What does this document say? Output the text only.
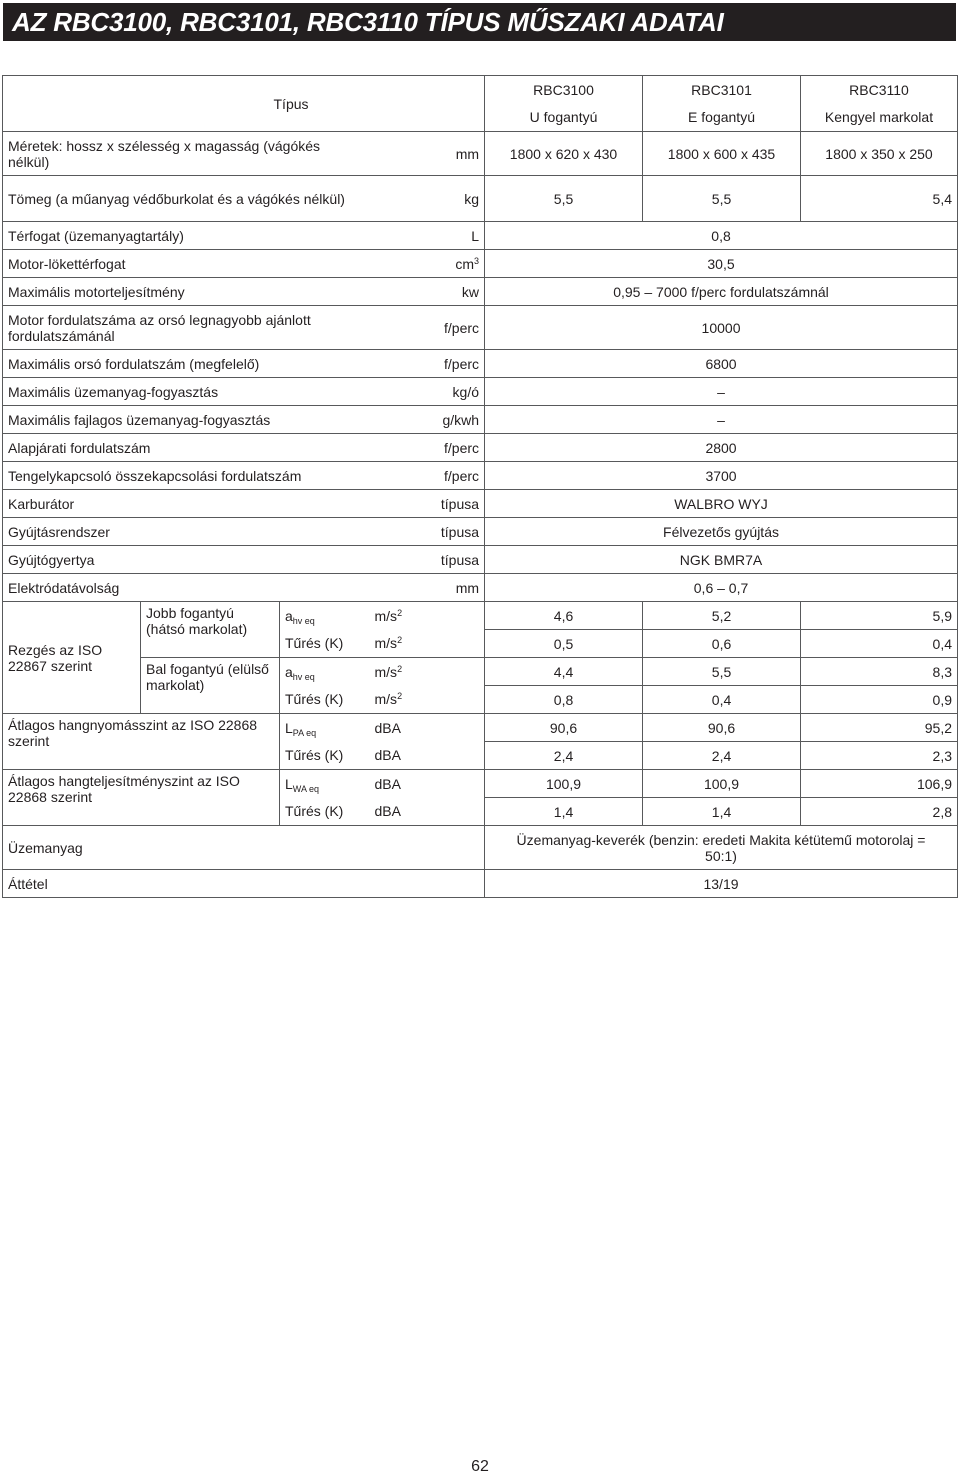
AZ RBC3100, RBC3101, RBC3110 TÍPUS MŰSZAKI ADATAI
Típus				RBC3100	RBC3101	RBC3110
				U fogantyú	E fogantyú	Kengyel markolat
Méretek: hossz x szélesség x magasság (vágókés nélkül)			mm	1800 x 620 x 430	1800 x 600 x 435	1800 x 350 x 250
Tömeg (a műanyag védőburkolat és a vágókés nélkül)			kg	5,5	5,5	5,4
Térfogat (üzemanyagtartály)			L	0,8		
Motor-lökettérfogat			$cm^3$	30,5		
Maximális motorteljesítmény			kw	0,95 – 7000 f/perc fordulatszámnál		
Motor fordulatszáma az orsó legnagyobb ajánlott fordulatszámánál			f/perc	10000		
Maximális orsó fordulatszám (megfelelő)			f/perc	6800		
Maximális üzemanyag-fogyasztás			kg/ó	–		
Maximális fajlagos üzemanyag-fogyasztás			g/kwh	–		
Alapjárati fordulatszám			f/perc	2800		
Tengelykapcsoló összekapcsolási fordulatszám			f/perc	3700		
Karburátor			típusa	WALBRO WYJ		
Gyújtásrendszer			típusa	Félvezetős gyújtás		
Gyújtógyertya			típusa	NGK BMR7A		
Elektródatávolság			mm	0,6 – 0,7		
Rezgés az ISO 22867 szerint	Jobb fogantyú (hátsó markolat)	$a_{hv eq}$	$m/s^2$	4,6	5,2	5,9
		Tűrés (K)	$m/s^2$	0,5	0,6	0,4
	Bal fogantyú (elülső markolat)	$a_{hv eq}$	$m/s^2$	4,4	5,5	8,3
		Tűrés (K)	$m/s^2$	0,8	0,4	0,9
Átlagos hangnyomásszint az ISO 22868 szerint		$L_{PA eq}$	dBA	90,6	90,6	95,2
		Tűrés (K)	dBA	2,4	2,4	2,3
Átlagos hangteljesítményszint az ISO 22868 szerint		$L_{WA eq}$	dBA	100,9	100,9	106,9
		Tűrés (K)	dBA	1,4	1,4	2,8
Üzemanyag				Üzemanyag-keverék (benzin: eredeti Makita kétütemű motorolaj = 50:1)		
Áttétel				13/19		
62
